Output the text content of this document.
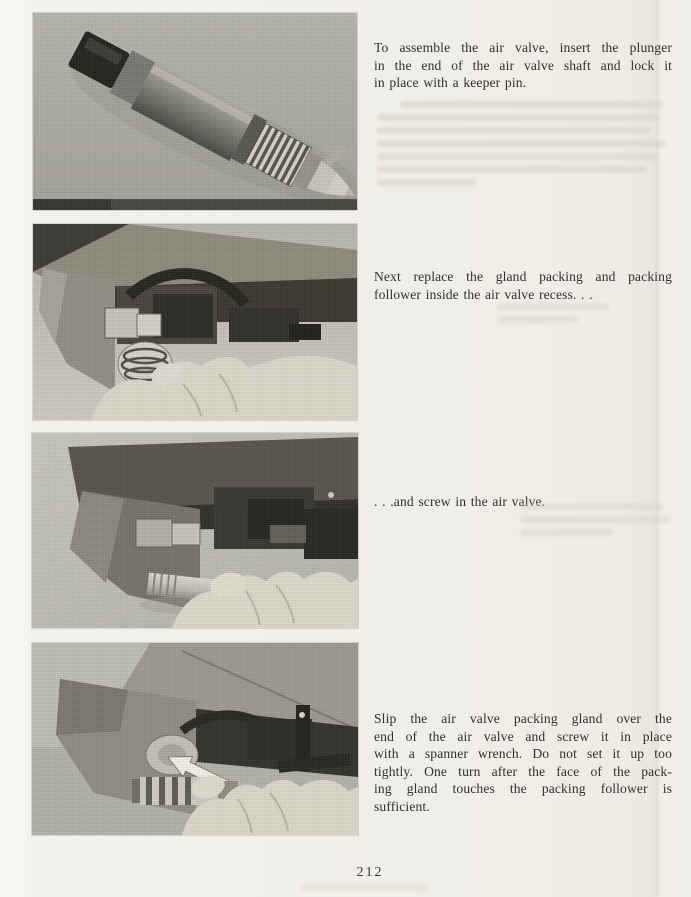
To assemble the air valve, insert the plunger
in the end of the air valve shaft and lock it
in place with a keeper pin.
Next replace the gland packing and packing
follower inside the air valve recess. . .
. . .and screw in the air valve.
Slip the air valve packing gland over the
end of the air valve and screw it in place
with a spanner wrench. Do not set it up too
tightly. One turn after the face of the pack-
ing gland touches the packing follower is
sufficient.
212
